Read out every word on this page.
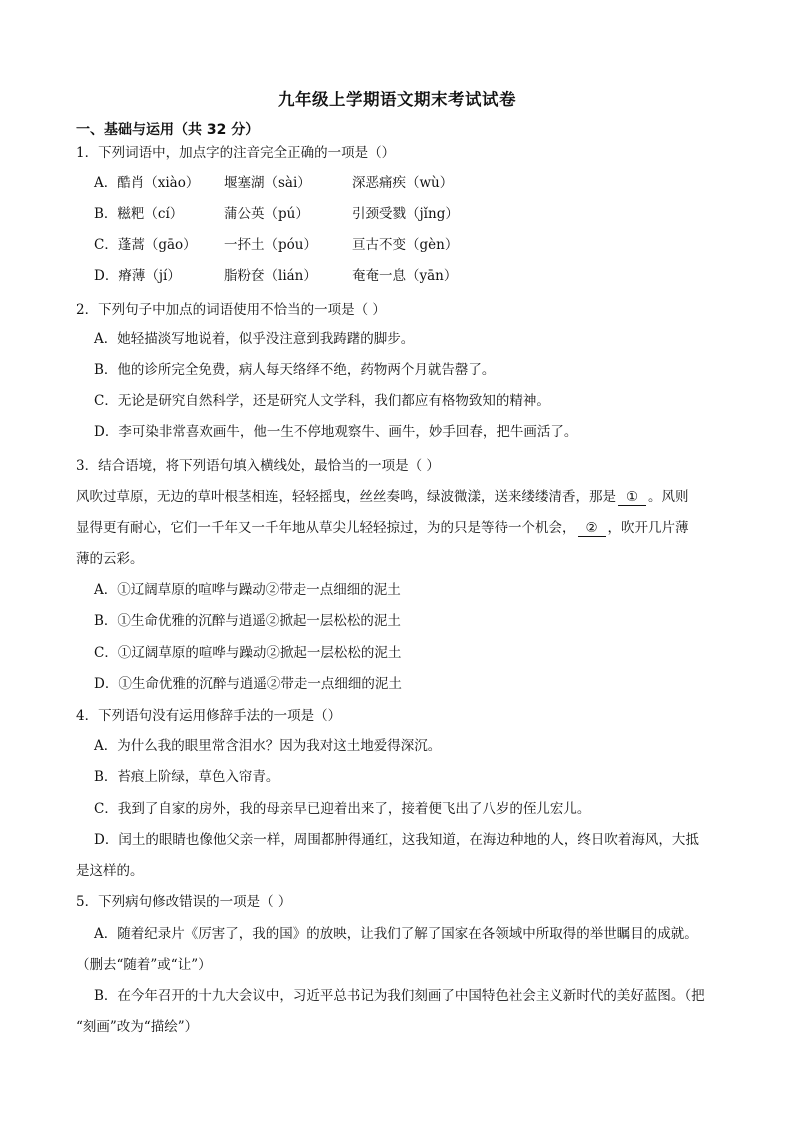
九年级上学期语文期末考试试卷
一、基础与运用（共 32 分）
1．下列词语中，加点字的注音完全正确的一项是（）
A．酷肖（xiào） 堰塞湖（sài）	深恶痛疾（wù）
B．糍粑（cí）	蒲公英（pú）	引颈受戮（jǐng）
C．蓬蒿（gāo） 一抔土（póu）	亘古不变（gèn）
D．瘠薄（jí）	脂粉奁（lián）	奄奄一息（yān）
2．下列句子中加点的词语使用不恰当的一项是（ ）
A．她轻描淡写地说着，似乎没注意到我踌躇的脚步。
B．他的诊所完全免费，病人每天络绎不绝，药物两个月就告罄了。
C．无论是研究自然科学，还是研究人文学科，我们都应有格物致知的精神。
D．李可染非常喜欢画牛，他一生不停地观察牛、画牛，妙手回春，把牛画活了。
3．结合语境，将下列语句填入横线处，最恰当的一项是（ ）
风吹过草原，无边的草叶根茎相连，轻轻摇曳，丝丝奏鸣，绿波微漾，送来缕缕清香，那是 ① 。风则
显得更有耐心，它们一千年又一千年地从草尖儿轻轻掠过，为的只是等待一个机会， ② ，吹开几片薄
薄的云彩。
A．①辽阔草原的喧哗与躁动②带走一点细细的泥土
B．①生命优雅的沉醉与逍遥②掀起一层松松的泥土
C．①辽阔草原的喧哗与躁动②掀起一层松松的泥土
D．①生命优雅的沉醉与逍遥②带走一点细细的泥土
4．下列语句没有运用修辞手法的一项是（）
A．为什么我的眼里常含泪水？因为我对这土地爱得深沉。
B．苔痕上阶绿，草色入帘青。
C．我到了自家的房外，我的母亲早已迎着出来了，接着便飞出了八岁的侄儿宏儿。
D．闰土的眼睛也像他父亲一样，周围都肿得通红，这我知道，在海边种地的人，终日吹着海风，大抵
是这样的。
5．下列病句修改错误的一项是（ ）
A．随着纪录片《厉害了，我的国》的放映，让我们了解了国家在各领域中所取得的举世瞩目的成就。
（删去“随着”或“让”）
B．在今年召开的十九大会议中，习近平总书记为我们刻画了中国特色社会主义新时代的美好蓝图。（把
“刻画”改为“描绘”）
